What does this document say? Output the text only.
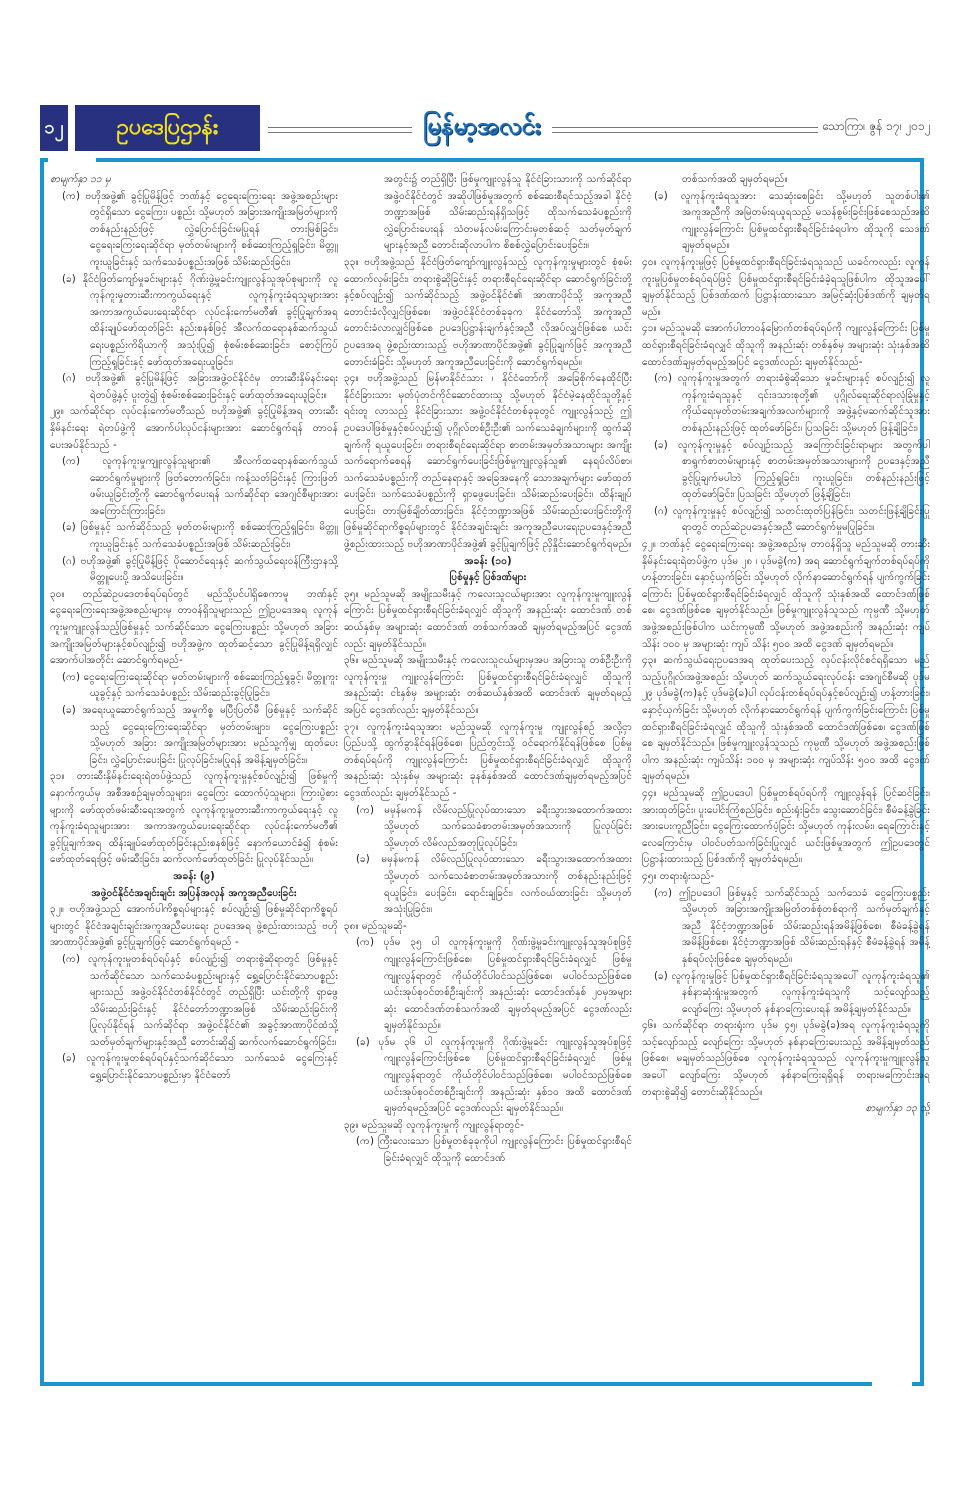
၁၂	ဥပဒေပြဌာန်း	မြန်မာ့အလင်း	သောကြာ၊ ဇွန် ၁၇၊ ၂၀၁၂

စာမျက်နှာ ၁၁ မှ

(က) ဗဟိုအဖွဲ့၏ ခွင့်ပြုမိန့်ဖြင့် ဘဏ်နှင့် ငွေရေးကြေးရေး အဖွဲ့အစည်းများတွင်ရှိသော ငွေကြေး၊ ပစ္စည်း သို့မဟုတ် အခြားအကျိုးအမြတ်များကို တစ်နည်းနည်းဖြင့် လွှဲပြောင်းခြင်းမပြုရန် တားမြစ်ခြင်း၊ ငွေရေးကြေးရေးဆိုင်ရာ မှတ်တမ်းများကို စစ်ဆေးကြည့်ရှုခြင်း၊ မိတ္တူကူးယူခြင်းနှင့် သက်သေခံပစ္စည်းအဖြစ် သိမ်းဆည်းခြင်း၊

(ခ) နိုင်ငံဖြတ်ကျော်မှုခင်းများနှင့် ဂိုဏ်းဖွဲ့မှုခင်းကျူးလွန်သူအုပ်စုများကို လူကုန်ကူးမှုတားဆီးကာကွယ်ရေးနှင့် လူကုန်ကူးခံရသူများအား အကာအကွယ်ပေးရေးဆိုင်ရာ လုပ်ငန်းကော်မတီ၏ ခွင့်ပြုချက်အရ ထိန်းချုပ်ဖော်ထုတ်ခြင်း နည်းစနစ်ဖြင့် အီလက်ထရောနစ်ဆက်သွယ်ရေးပစ္စည်းကိရိယာကို အသုံးပြု၍ စုံစမ်းစစ်ဆေးခြင်း၊ စောင့်ကြပ်ကြည့်ရှုခြင်းနှင့် ဖော်ထုတ်အရေးယူခြင်း၊

(ဂ) ဗဟိုအဖွဲ့၏ ခွင့်ပြုမိန့်ဖြင့် အခြားအဖွဲ့ဝင်နိုင်ငံမှ တားဆီးနှိမ်နင်းရေးရဲတပ်ဖွဲ့နှင့် ပူးတွဲ၍ စုံစမ်းစစ်ဆေးခြင်းနှင့် ဖော်ထုတ်အရေးယူခြင်း။

၂၉။ သက်ဆိုင်ရာ လုပ်ငန်းကော်မတီသည် ဗဟိုအဖွဲ့၏ ခွင့်ပြုမိန့်အရ တားဆီးနှိမ်နင်းရေး ရဲတပ်ဖွဲ့ကို အောက်ပါလုပ်ငန်းများအား ဆောင်ရွက်ရန် တာဝန်ပေးအပ်နိုင်သည် -

(က) လူကုန်ကူးမှုကျူးလွန်သူများ၏ အီလက်ထရောနစ်ဆက်သွယ်ဆောင်ရွက်မှုများကို ဖြတ်တောက်ခြင်း၊ ကန့်သတ်ခြင်းနှင့် ကြားဖြတ်ဖမ်းယူခြင်းတို့ကို ဆောင်ရွက်ပေးရန် သက်ဆိုင်ရာ အေဂျင်စီများအား အကြောင်းကြားခြင်း၊

(ခ) ဖြစ်မှုနှင့် သက်ဆိုင်သည့် မှတ်တမ်းများကို စစ်ဆေးကြည့်ရှုခြင်း၊ မိတ္တူကူးယူခြင်းနှင့် သက်သေခံပစ္စည်းအဖြစ် သိမ်းဆည်းခြင်း၊

(ဂ) ဗဟိုအဖွဲ့၏ ခွင့်ပြုမိန့်ဖြင့် ပိုဆောင်ရေးနှင့် ဆက်သွယ်ရေးဝန်ကြီးဌာနသို့ မိတ္တူပေးပို့ အသိပေးခြင်း။

၃၀။ တည်ဆဲဥပဒေတစ်ရပ်ရပ်တွင် မည်သို့ပင်ပါရှိစေကာမူ ဘဏ်နှင့် ငွေရေးကြေးရေးအဖွဲ့အစည်းများမှ တာဝန်ရှိသူများသည် ဤဥပဒေအရ လူကုန်ကူးမှုကျူးလွန်သည့်ဖြစ်မှုနှင့် သက်ဆိုင်သော ငွေကြေးပစ္စည်း သို့မဟုတ် အခြားအကျိုးအမြတ်များနှင့်စပ်လျဉ်း၍ ဗဟိုအဖွဲ့က ထုတ်ဆင့်သော ခွင့်ပြုမိန့်ရရှိလျှင် အောက်ပါအတိုင်း ဆောင်ရွက်ရမည်-

(က) ငွေရေးကြေးရေးဆိုင်ရာ မှတ်တမ်းများကို စစ်ဆေးကြည့်ရှုခွင့်၊ မိတ္တူကူးယူခွင့်နှင့် သက်သေခံပစ္စည်း သိမ်းဆည်းခွင့်ပြုခြင်း၊

(ခ) အရေးယူဆောင်ရွက်သည့် အမှုကိစ္စ မပြီးပြတ်မီ ဖြစ်မှုနှင့် သက်ဆိုင်သည့် ငွေရေးကြေးရေးဆိုင်ရာ မှတ်တမ်းများ၊ ငွေကြေးပစ္စည်း သို့မဟုတ် အခြား အကျိုးအမြတ်များအား မည်သူ့ကိုမျှ ထုတ်ပေးခြင်း၊ လွှဲပြောင်းပေးခြင်း ပြုလုပ်ခြင်းမပြုရန် အမိန့်ချမှတ်ခြင်း။

၃၁။ တားဆီးနှိမ်နင်းရေးရဲတပ်ဖွဲ့သည် လူကုန်ကူးမှုနှင့်စပ်လျဉ်း၍ ဖြစ်မှုကို နောက်ကွယ်မှ အစီအစဉ်ချမှတ်သူများ၊ ငွေကြေး ထောက်ပံ့သူများ၊ ကြားပွဲစားများကို ဖော်ထုတ်ဖမ်းဆီးရေးအတွက် လူကုန်ကူးမှုတားဆီးကာကွယ်ရေးနှင့် လူကုန်ကူးခံရသူများအား အကာအကွယ်ပေးရေးဆိုင်ရာ လုပ်ငန်းကော်မတီ၏ ခွင့်ပြုချက်အရ ထိန်းချုပ်ဖော်ထုတ်ခြင်းနည်းစနစ်ဖြင့် နောက်ယောင်ခံ၍ စုံစမ်းဖော်ထုတ်ရေးဖြင့် ဖမ်းဆီးခြင်း၊ ဆက်လက်ဖော်ထုတ်ခြင်း ပြုလုပ်နိုင်သည်။

အခန်း (၉)

အဖွဲ့ဝင်နိုင်ငံအချင်းချင်း အပြန်အလှန် အကူအညီပေးခြင်း

၃၂။ ဗဟိုအဖွဲ့သည် အောက်ပါကိစ္စရပ်များနှင့် စပ်လျဉ်း၍ ဖြစ်မှုဆိုင်ရာကိစ္စရပ်များတွင် နိုင်ငံအချင်းချင်းအကူအညီပေးရေး ဥပဒေအရ ဖွဲ့စည်းထားသည့် ဗဟိုအာဏာပိုင်အဖွဲ့၏ ခွင့်ပြုချက်ဖြင့် ဆောင်ရွက်ရမည် -

(က) လူကုန်ကူးမှုတစ်ရပ်ရပ်နှင့် စပ်လျဉ်း၍ တရားစွဲဆိုရာတွင် ဖြစ်မှုနှင့်သက်ဆိုင်သော သက်သေခံပစ္စည်းများနှင့် ရွှေ့ပြောင်းနိုင်သောပစ္စည်းများသည် အဖွဲ့ဝင်နိုင်ငံတစ်နိုင်ငံတွင် တည်ရှိပြီး ယင်းတို့ကို ရှာဖွေသိမ်းဆည်းခြင်းနှင့် နိုင်ငံတော်ဘဏ္ဍာအဖြစ် သိမ်းဆည်းခြင်းကို ပြုလုပ်နိုင်ရန် သက်ဆိုင်ရာ အဖွဲ့ဝင်နိုင်ငံ၏ အခွင့်အာဏာပိုင်ထံသို့ သတ်မှတ်ချက်များနှင့်အညီ တောင်းဆို၍ ဆက်လက်ဆောင်ရွက်ခြင်း၊

(ခ) လူကုန်ကူးမှုတစ်ရပ်ရပ်နှင့်သက်ဆိုင်သော သက်သေခံ ငွေကြေးနှင့် ရွှေ့ပြောင်းနိုင်သောပစ္စည်းမှာ နိုင်ငံတော်

အတွင်း၌ တည်ရှိပြီး ဖြစ်မှုကျူးလွန်သူ နိုင်ငံခြားသားကို သက်ဆိုင်ရာ အဖွဲ့ဝင်နိုင်ငံတွင် အဆိုပါဖြစ်မှုအတွက် စစ်ဆေးစီရင်သည့်အခါ နိုင်ငံ့ဘဏ္ဍာအဖြစ် သိမ်းဆည်းရန်ရှိသဖြင့် ထိုသက်သေခံပစ္စည်းကို လွှဲပြောင်းပေးရန် သံတမန်လမ်းကြောင်းမှတစ်ဆင့် သတ်မှတ်ချက်များနှင့်အညီ တောင်းဆိုလာပါက စိစစ်လွှဲပြောင်းပေးခြင်း။

၃၃။ ဗဟိုအဖွဲ့သည် နိုင်ငံဖြတ်ကျော်ကျူးလွန်သည့် လူကုန်ကူးမှုများတွင် စုံစမ်းထောက်လှမ်းခြင်း၊ တရားစွဲဆိုခြင်းနှင့် တရားစီရင်ရေးဆိုင်ရာ ဆောင်ရွက်ခြင်းတို့နှင့်စပ်လျဉ်း၍ သက်ဆိုင်သည့် အဖွဲ့ဝင်နိုင်ငံ၏ အာဏာပိုင်သို့ အကူအညီတောင်းခံလိုလျှင်ဖြစ်စေ၊ အဖွဲ့ဝင်နိုင်ငံတစ်ခုခုက နိုင်ငံတော်သို့ အကူအညီတောင်းခံလာလျှင်ဖြစ်စေ ဥပဒေပြဋ္ဌာန်းချက်နှင့်အညီ လိုအပ်လျှင်ဖြစ်စေ ယင်းဥပဒေအရ ဖွဲ့စည်းထားသည့် ဗဟိုအာဏာပိုင်အဖွဲ့၏ ခွင့်ပြုချက်ဖြင့် အကူအညီ တောင်းခံခြင်း သို့မဟုတ် အကူအညီပေးခြင်းကို ဆောင်ရွက်ရမည်။

၃၄။ ဗဟိုအဖွဲ့သည် မြန်မာနိုင်ငံသား ၊ နိုင်ငံတော်ကို အခြေစိုက်နေထိုင်ပြီး နိုင်ငံခြားသား မှတ်ပုံတင်ကိုင်ဆောင်ထားသူ သို့မဟုတ် နိုင်ငံမဲ့နေထိုင်သူတို့နှင့်ရင်းတူ လာသည့် နိုင်ငံခြားသား အဖွဲ့ဝင်နိုင်ငံတစ်ခုခုတွင် ကျူးလွန်သည့် ဤဥပဒေပါဖြစ်မှုနှင့်စပ်လျဉ်း၍ ပုဂ္ဂိုလ်တစ်ဦးဦး၏ သက်သေခံချက်များကို ထွက်ဆိုချက်ကို ရယူပေးခြင်း၊ တရားစီရင်ရေးဆိုင်ရာ စာတမ်းအမှတ်အသားများ အကျိုးသက်ရောက်စေရန် ဆောင်ရွက်ပေးခြင်းဖြစ်မှုကျူးလွန်သူ၏ နေရပ်လိပ်စာ၊ သက်သေခံပစ္စည်းကို တည်နေရာနှင့် အခြေအနေကို သောအချက်များ ဖော်ထုတ်ပေးခြင်း၊ သက်သေခံပစ္စည်းကို ရှာဖွေပေးခြင်း၊ သိမ်းဆည်းပေးခြင်း၊ ထိန်းချုပ်ပေးခြင်း၊ တားမြစ်ချိတ်ထားခြင်း၊ နိုင်ငံ့ဘဏ္ဍာအဖြစ် သိမ်းဆည်းပေးခြင်းတို့ကို ဖြစ်မှုဆိုင်ရာကိစ္စရပ်များတွင် နိုင်ငံအချင်းချင်း အကူအညီပေးရေးဥပဒေနှင့်အညီ ဖွဲ့စည်းထားသည့် ဗဟိုအာဏာပိုင်အဖွဲ့၏ ခွင့်ပြုချက်ဖြင့် ညှိနှိုင်းဆောင်ရွက်ရမည်။

အခန်း (၁၀)

ပြစ်မှုနှင့် ပြစ်ဒဏ်များ

၃၅။ မည်သူမဆို အမျိုးသမီးနှင့် ကလေးသူငယ်များအား လူကုန်ကူးမှုကျူးလွန်ကြောင်း ပြစ်မှုထင်ရှားစီရင်ခြင်းခံရလျှင် ထိုသူကို အနည်းဆုံး ထောင်ဒဏ် တစ်ဆယ်နှစ်မှ အများဆုံး ထောင်ဒဏ် တစ်သက်အထိ ချမှတ်ရမည့်အပြင် ငွေဒဏ်လည်း ချမှတ်နိုင်သည်။

၃၆။ မည်သူမဆို အမျိုးသမီးနှင့် ကလေးသူငယ်များမှအပ အခြားသူ တစ်ဦးဦးကို လူကုန်ကူးမှု ကျူးလွန်ကြောင်း ပြစ်မှုထင်ရှားစီရင်ခြင်းခံရလျှင် ထိုသူကို အနည်းဆုံး ငါးနှစ်မှ အများဆုံး တစ်ဆယ်နှစ်အထိ ထောင်ဒဏ် ချမှတ်ရမည့်အပြင် ငွေဒဏ်လည်း ချမှတ်နိုင်သည်။

၃၇။ လူကုန်ကူးခံရသူအား မည်သူမဆို လူကုန်ကူးမှု ကျူးလွန်စဉ် အလို့ငှာ ပြည်ပသို့ ထွက်ခွာနိုင်ရန်ဖြစ်စေ၊ ပြည်တွင်းသို့ ဝင်ရောက်နိုင်ရန်ဖြစ်စေ ပြစ်မှုတစ်ရပ်ရပ်ကို ကျူးလွန်ကြောင်း ပြစ်မှုထင်ရှားစီရင်ခြင်းခံရလျှင် ထိုသူကို အနည်းဆုံး သုံးနှစ်မှ အများဆုံး ခုနစ်နှစ်အထိ ထောင်ဒဏ်ချမှတ်ရမည့်အပြင် ငွေဒဏ်လည်း ချမှတ်နိုင်သည် -

(က) မမှန်မကန် လိမ်လည်ပြုလုပ်ထားသော ခရီးသွားအထောက်အထား သို့မဟုတ် သက်သေခံစာတမ်းအမှတ်အသားကို ပြုလုပ်ခြင်း သို့မဟုတ် လိမ်လည်အတုပြုလုပ်ခြင်း၊

(ခ) မမှန်မကန် လိမ်လည်ပြုလုပ်ထားသော ခရီးသွားအထောက်အထား သို့မဟုတ် သက်သေခံစာတမ်းအမှတ်အသားကို တစ်နည်းနည်းဖြင့် ရယူခြင်း၊ ပေးခြင်း၊ ရောင်းချခြင်း၊ လက်ဝယ်ထားခြင်း သို့မဟုတ် အသုံးပြုခြင်း။

၃၈။ မည်သူမဆို-

(က) ပုဒ်မ ၃၅ ပါ လူကုန်ကူးမှုကို ဂိုဏ်းဖွဲ့မှုခင်းကျူးလွန်သူအုပ်စုဖြင့် ကျူးလွန်ကြောင်းဖြစ်စေ၊ ပြစ်မှုထင်ရှားစီရင်ခြင်းခံရလျှင် ဖြစ်မှုကျူးလွန်ရာတွင် ကိုယ်တိုင်ပါဝင်သည်ဖြစ်စေ၊ မပါဝင်သည်ဖြစ်စေ ယင်းအုပ်စုဝင်တစ်ဦးချင်းကို အနည်းဆုံး ထောင်ဒဏ်နှစ် ၂၀မှအများဆုံး ထောင်ဒဏ်တစ်သက်အထိ ချမှတ်ရမည့်အပြင် ငွေဒဏ်လည်း ချမှတ်နိုင်သည်။

(ခ) ပုဒ်မ ၃၆ ပါ လူကုန်ကူးမှုကို ဂိုဏ်းဖွဲ့မှုခင်း ကျူးလွန်သူအုပ်စုဖြင့် ကျူးလွန်ကြောင်းဖြစ်စေ ပြစ်မှုထင်ရှားစီရင်ခြင်းခံရလျှင် ဖြစ်မှုကျူးလွန်ရာတွင် ကိုယ်တိုင်ပါဝင်သည်ဖြစ်စေ၊ မပါဝင်သည်ဖြစ်စေ ယင်းအုပ်စုဝင်တစ်ဦးချင်းကို အနည်းဆုံး နှစ်၁၀ အထိ ထောင်ဒဏ် ချမှတ်ရမည့်အပြင် ငွေဒဏ်လည်း ချမှတ်နိုင်သည်။

၃၉။ မည်သူမဆို လူကုန်ကူးမှုကို ကျူးလွန်ရာတွင်-

(က) ကြီးလေးသော ပြစ်မှုတစ်ခုခုကိုပါ ကျူးလွန်ကြောင်း ပြစ်မှုထင်ရှားစီရင်ခြင်းခံရလျှင် ထိုသူကို ထောင်ဒဏ်

တစ်သက်အထိ ချမှတ်ရမည်။

(ခ) လူကုန်ကူးခံရသူအား သေဆုံးစေခြင်း သို့မဟုတ် သူတစ်ပါး၏ အကူအညီကို အမြဲတမ်းရယူရသည့် မသန်စွမ်းခြင်းဖြစ်စေသည်အထိ ကျူးလွန်ကြောင်း ပြစ်မှုထင်ရှားစီရင်ခြင်းခံရပါက ထိုသူကို သေဒဏ်ချမှတ်ရမည်။

၄၀။ လူကုန်ကူးမှုဖြင့် ပြစ်မှုထင်ရှားစီရင်ခြင်းခံရသူသည် ယခင်ကလည်း လူကုန်ကူးမှုပြစ်မှုတစ်ရပ်ရပ်ဖြင့် ပြစ်မှုထင်ရှားစီရင်ခြင်းခံခဲ့ရသူဖြစ်ပါက ထိုသူအပေါ် ချမှတ်နိုင်သည့် ပြစ်ဒဏ်ထက် ပြဋ္ဌာန်းထားသော အမြင့်ဆုံးပြစ်ဒဏ်ကို ချမှတ်ရမည်။

၄၁။ မည်သူမဆို အောက်ပါတာဝန်မြောက်တစ်ရပ်ရပ်ကို ကျူးလွန်ကြောင်း ပြစ်မှုထင်ရှားစီရင်ခြင်းခံရလျှင် ထိုသူကို အနည်းဆုံး တစ်နှစ်မှ အများဆုံး သုံးနှစ်အထိ ထောင်ဒဏ်ချမှတ်ရမည့်အပြင် ငွေဒဏ်လည်း ချမှတ်နိုင်သည်-

(က) လူကုန်ကူးမှုအတွက် တရားခံစွဲဆိုသော မှုခင်းများနှင့် စပ်လျဉ်း၍ လူကုန်ကူးခံရသူနှင့် ၎င်းဒသားစုတို့၏ ပုဂ္ဂိုလ်ရေးဆိုင်ရာလုံခြုံမှုနှင့် ကိုယ်ရေးမှတ်တမ်းအချက်အလက်များကို အဖွဲ့နှင့်မဆက်ဆိုင်သူအား တစ်နည်းနည်းဖြင့် ထုတ်ဖော်ခြင်း၊ ပြသခြင်း သို့မဟုတ် ဖြန့်ချိခြင်း၊

(ခ) လူကုန်ကူးမှုနှင့် စပ်လျဉ်းသည့် အကြောင်းခြင်းရာများ အတွက်ပါ စာရွက်စာတမ်းများနှင့် စာတမ်းအမှတ်အသားများကို ဥပဒေနှင့်အညီ ခွင့်ပြုချက်မပါဘဲ ကြည့်ရှုခြင်း၊ ကူးယူခြင်း၊ တစ်နည်းနည်းဖြင့် ထုတ်ဖော်ခြင်း၊ ပြသခြင်း သို့မဟုတ် ဖြန့်ချိခြင်း၊

(ဂ) လူကုန်ကူးမှုနှင့် စပ်လျဉ်း၍ သတင်းထုတ်ပြန်ခြင်း၊ သတင်းဖြန့်ချိခြင်းပြုရာတွင် တည်ဆဲဥပဒေနှင့်အညီ ဆောင်ရွက်မှုမပြုခြင်း။

၄၂။ ဘဏ်နှင့် ငွေရေးကြေးရေး အဖွဲ့အစည်းမှ တာဝန်ရှိသူ မည်သူမဆို တားဆီးနှိမ်နင်းရေးရဲတပ်ဖွဲ့က ပုဒ်မ ၂၈ ၊ ပုဒ်မခွဲ(က) အရ ဆောင်ရွက်ချက်တစ်ရပ်ရပ်ကို ဟန့်တားခြင်း၊ နှောင့်ယှက်ခြင်း သို့မဟုတ် လိုက်နာဆောင်ရွက်ရန် ပျက်ကွက်ခြင်းကြောင်း ပြစ်မှုထင်ရှားစီရင်ခြင်းခံရလျှင် ထိုသူကို သုံးနှစ်အထိ ထောင်ဒဏ်ဖြစ်စေ၊ ငွေဒဏ်ဖြစ်စေ ချမှတ်နိုင်သည်။ ဖြစ်မှုကျူးလွန်သူသည် ကုမ္ပဏီ သို့မဟုတ် အဖွဲ့အစည်းဖြစ်ပါက ယင်းကုမ္ပဏီ သို့မဟုတ် အဖွဲ့အစည်းကို အနည်းဆုံး ကျပ် သိန်း ၁၀၀ မှ အများဆုံး ကျပ် သိန်း ၅၀၀ အထိ ငွေဒဏ် ချမှတ်ရမည်။

၄၃။ ဆက်သွယ်ရေးဥပဒေအရ ထုတ်ပေးသည့် လုပ်ငန်းလိုင်စင်ရရှိသော မည်သည့်ပုဂ္ဂိုလ်၊အဖွဲ့အစည်း သို့မဟုတ် ဆက်သွယ်ရေးလုပ်ငန်း အေဂျင်စီမဆို ပုဒ်မ ၂၉ ပုဒ်မခွဲ(က)နှင့် ပုဒ်မခွဲ(ခ)ပါ လုပ်ငန်းတစ်ရပ်ရပ်နှင့်စပ်လျဉ်း၍ ဟန့်တားခြင်း၊ နှောင့်ယှက်ခြင်း သို့မဟုတ် လိုက်နာဆောင်ရွက်ရန် ပျက်ကွက်ခြင်းကြောင်း ပြစ်မှုထင်ရှားစီရင်ခြင်းခံရလျှင် ထိုသူကို သုံးနှစ်အထိ ထောင်ဒဏ်ဖြစ်စေ၊ ငွေဒဏ်ဖြစ်စေ ချမှတ်နိုင်သည်။ ဖြစ်မှုကျူးလွန်သူသည် ကုမ္ပဏီ သို့မဟုတ် အဖွဲ့အစည်းဖြစ်ပါက အနည်းဆုံး ကျပ်သိန်း ၁၀၀ မှ အများဆုံး ကျပ်သိန်း ၅၀၀ အထိ ငွေဒဏ်ချမှတ်ရမည်။

၄၄။ မည်သူမဆို ဤဥပဒေပါ ပြစ်မှုတစ်ရပ်ရပ်ကို ကျူးလွန်ရန် ပြင်ဆင်ခြင်း၊ အားထုတ်ခြင်း၊ ပူးပေါင်းကြံစည်ခြင်း၊ စည်းရုံးခြင်း၊ သွေးဆောင်ခြင်း၊ စီမံခန့်ခွဲခြင်းအားပေးကူညီခြင်း၊ ငွေကြေးထောက်ပံ့ခြင်း သို့မဟုတ် ကုန်းလမ်း၊ ရေကြောင်းနှင့် လေကြောင်းမှ ပါဝင်ပတ်သက်ခြင်းပြုလျှင် ယင်းဖြစ်မှုအတွက် ဤဥပဒေတွင် ပြဋ္ဌာန်းထားသည့် ပြစ်ဒဏ်ကို ချမှတ်ခံရမည်။

၄၅။ တရားရုံးသည်-

(က) ဤဥပဒေပါ ဖြစ်မှုနှင့် သက်ဆိုင်သည့် သက်သေခံ ငွေကြေးပစ္စည်း သို့မဟုတ် အခြားအကျိုးအမြတ်တစ်စုံတစ်ရာကို သက်မှတ်ချက်နှင့်အညီ နိုင်ငံ့ဘဏ္ဍာအဖြစ် သိမ်းဆည်းရန်အမိန့်ဖြစ်စေ၊ စီမံခန့်ခွဲရန်အမိန့်ဖြစ်စေ၊ နိုင်ငံ့ဘဏ္ဍာအဖြစ် သိမ်းဆည်းရန်နှင့် စီမံခန့်ခွဲရန် အမိန့်နှစ်ရပ်လုံးဖြစ်စေ ချမှတ်ရမည်။

(ခ) လူကုန်ကူးမှုဖြင့် ပြစ်မှုထင်ရှားစီရင်ခြင်းခံရသူအပေါ် လူကုန်ကူးခံရသူ၏ နစ်နာဆုံးရှုံးမှုအတွက် လူကုန်ကူးခံရသူကို သင့်လျော်သည့်လျော်ကြေး သို့မဟုတ် နစ်နာကြေးပေးရန် အမိန့်ချမှတ်နိုင်သည်။

၄၆။ သက်ဆိုင်ရာ တရားရုံးက ပုဒ်မ ၄၅၊ ပုဒ်မခွဲ(ခ)အရ လူကုန်ကူးခံရသူကို သင့်လျော်သည့် လျော်ကြေး သို့မဟုတ် နစ်နာကြေးပေးသည့် အမိန့်ချမှတ်သည်ဖြစ်စေ၊ မချမှတ်သည်ဖြစ်စေ လူကုန်ကူးခံရသူသည် လူကုန်ကူးမှုကျူးလွန်သူအပေါ် လျော်ကြေး သို့မဟုတ် နစ်နာကြေးရရှိရန် တရားမကြောင်းအရ တရားစွဲဆို၍ တောင်းဆိုနိုင်သည်။

စာမျက်နှာ ၁၃ သို့
